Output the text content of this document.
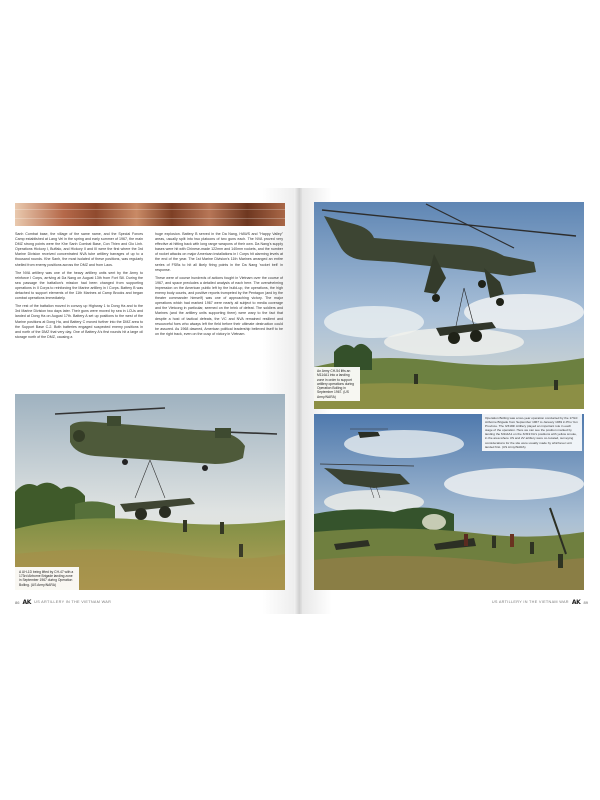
Sanh Combat base, the village of the same name, and the Special Forces Camp established at Lang Vei in the spring and early summer of 1967, the main DMZ strong points were the Khe Sanh Combat Base, Con Thien and Gio Linh. Operations Hickory I, Buffalo, and Hickory II and III were the first where the 3rd Marine Division received concentrated NVA tube artillery barrages of up to a thousand rounds. Khe Sanh, the most isolated of these positions, was regularly shelled from enemy positions across the DMZ and from Laos.

The NVA artillery was one of the heavy artillery units sent by the Army to reinforce I Corps, arriving at Da Nang on August 13th from Fort Sill. During the sea passage the battalion's mission had been changed from supporting operations in II Corps to reinforcing the Marine artillery in I Corps. Battery B was detached to support elements of the 11th Marines at Camp Brooks and began combat operations immediately.

The rest of the battalion moved in convoy up Highway 1 to Dong Ha and to the 3rd Marine Division two days later. Their guns were moved by sea in LCUs and landed at Dong Ha on August 17th. Battery A set up positions to the west of the Marine positions at Dong Ha, and Battery C moved further into the DMZ area to the Support Base C-2. Both batteries engaged suspected enemy positions in and north of the DMZ that very day. One of Battery A's first rounds hit a large oil storage north of the DMZ, causing a

huge explosion. Battery B served in the Da Nang, HAWS and "Happy Valley" areas, usually split into two platoons of two guns each. The NVA proved very effective at hitting back with long range weapons of their own. Da Nang's supply bases were hit with Chinese-made 122mm and 140mm rockets, and the number of rocket attacks on major American installations in I Corps hit alarming levels at the end of the year. The 1st Marine Division's 11th Marines arranged an entire series of FSBs to hit all likely firing points in the Da Nang 'rocket belt' in response.

These were of course hundreds of actions fought in Vietnam over the course of 1967, and space precludes a detailed analysis of each here. The overwhelming impression on the American public left by the build-up, the operations, the high enemy body counts, and positive reports trumpeted by the Pentagon (and by the theater commander himself) was one of approaching victory. The major operations which had marked 1967 were nearly all subject to media coverage and the Vietcong in particular, seemed on the brink of defeat. The soldiers and Marines (and the artillery units supporting them) were wary to the fact that despite a host of tactical defeats, the VC and NVA remained resilient and resourceful foes who always left the field before their ultimate destruction could be assured. As 1968 dawned, American political leadership believed itself to be on the right track, even on the cusp of victory in Vietnam.

A UH-1D being lifted by CH-47 with a 173rd Airborne Brigade landing zone in September 1967 during Operation Bolling. (US Army/NARA)

86 AK US ARTILLERY IN THE VIETNAM WAR

An Army CH-54 lifts an M114A1 into a landing zone in order to support artillery operations during Operation Bolling in September 1967. (US Army/NARA)

Operation Bolling was a two-year operation conducted by the 173rd Airborne Brigade from September 1967 to January 1969 in Phu Yen Province. The 3/319th Artillery played an important role in each stage of the operation. Here we can see the position marked by landing the M114A1 on the 3/319 FA's positions with yellow smoke, in the area where US and 2V artillery were co-located, surveying considerations for the site were usually made by whichever unit landed first. (US Army/NARA)
US ARTILLERY IN THE VIETNAM WAR AK 89
